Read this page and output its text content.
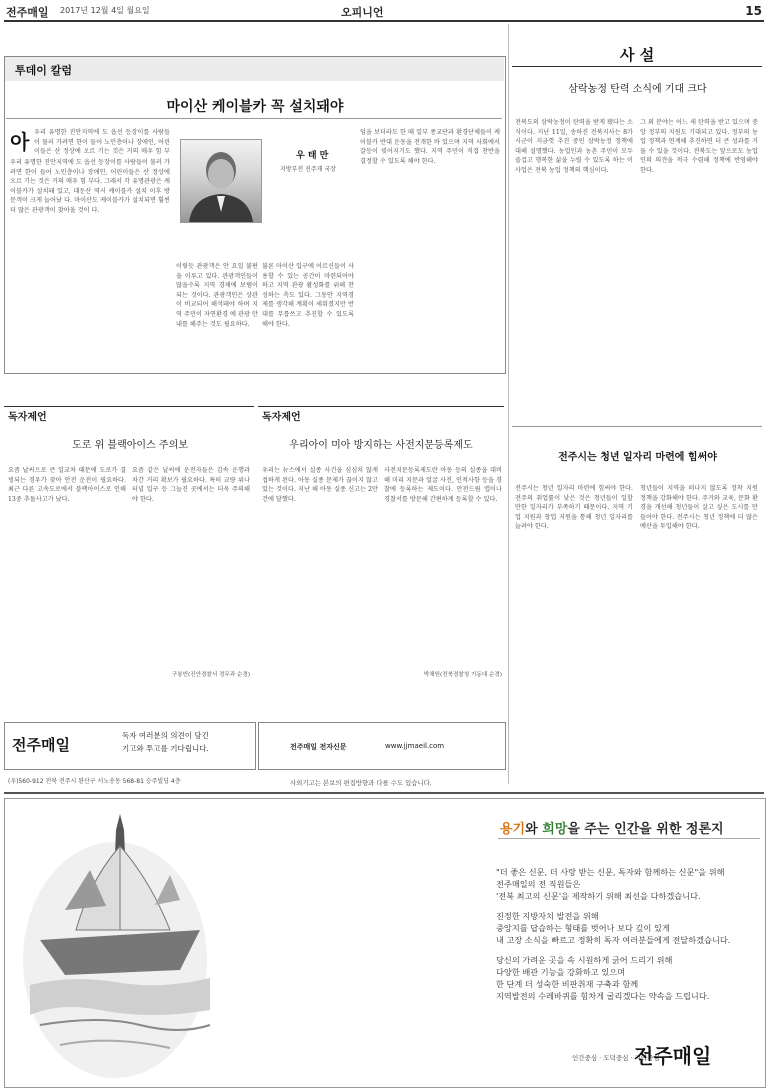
전주매일 2017년 12월 4일 월요일	오피니언	15
투데이 칼럼
마이산 케이블카 꼭 설치돼야
우 태 만
지방부전 진주재 국장
아 우리 유명한 진안지역에 도 읍선 등장이를 사람들이 물러 가려면 한이 들어 노인층이나 장애인, 어린이들은 산 정상에 오르 기는 것은 거의 매우 힘 부
우리 유명한 진안지역에 도 읍선 등장이를 사람들이 물러 가려면 한이 들어 노인층이나 장애인, 어린이들은 산 정상에 오르 기는 것은 거의 매우 힘 부다. 그래서 각 유명관광은 케이블카가 설치돼 있고, 대둔산 역시 케이블카 설치 이후 방문객이 크게 늘어났 다. 마이산도 케이블카가 설치되면 훨씬 더 많은 관광객이 찾아올 것이 다.
이렇듯 관광객은 안 요일 불편을 이루고 있다. 관광객인들이 많을수록 지역 경제에 보탬이 되는 것이다. 관광객인은 상관이 비교되어 해석돼야 하며 지역 주민이 자연환경 에 관광 안내를 해주는 것도 필요하다.
불론 마이산 입구에 어르신들이 사용할 수 있는 공간이 마련되어야 하고 지역 관광 활성화를 위해 찬성하는 측도 있다. 그동안 지역경제를 생각해 계획이 세워졌지만 반대를 무릅쓰고 추진할 수 있도록 해야 한다.
임을 보더라도 한 때 일부 종교단과 환경단체들이 케이블카 반대 운동을 전개한 바 있으며 지역 사회에서 갈등이 빚어지기도 했다. 지역 주민이 직접 찬반을 결정할 수 있도록 해야 한다.
사 설
삼락농정 탄력 소식에 기대 크다
전북도의 삼락농정이 탄력을 받게 됐다는 소식이다. 지난 11일, 송하진 전북지사는 8가 시군이 지금껏 추진 중인 삼락농정 정책에 대해 설명했다. 농업인과 농촌 주민이 모두 즐겁고 행복한 삶을 누릴 수 있도록 하는 이 사업은 전북 농업 정책의 핵심이다.
그 외 분야는 어느 새 탄력을 받고 있으며 중앙 정부의 지원도 기대되고 있다. 정부의 농업 정책과 연계해 추진하면 더 큰 성과를 거둘 수 있을 것이다. 전북도는 앞으로도 농업인의 의견을 적극 수렴해 정책에 반영해야 한다.
전주시는 청년 일자리 마련에 힘써야
전주시는 청년 일자리 마련에 힘써야 한다. 전주의 취업률이 낮은 것은 청년들이 일할 만한 일자리가 부족하기 때문이다. 지역 기업 지원과 창업 지원을 통해 청년 일자리를 늘려야 한다.
청년들이 지역을 떠나지 않도록 정착 지원 정책을 강화해야 한다. 주거와 교육, 문화 환경을 개선해 청년들이 살고 싶은 도시를 만들어야 한다. 전주시는 청년 정책에 더 많은 예산을 투입해야 한다.
독자제언
도로 위 블랙아이스 주의보
요즘 날씨으로 큰 일교차 때문에 도로가 결빙되는 경우가 잦아 안전 운전이 필요하다. 최근 다른 고속도로에서 블랙아이스로 인해 13중 추돌사고가 났다.
요즘 같은 날씨에 운전자들은 감속 운행과 차간 거리 확보가 필요하다. 특히 교량 위나 터널 입구 등 그늘진 곳에서는 더욱 주의해야 한다.
구봉빈(진안경찰서 경무과 순경)
독자제언
우리아이 미아 방지하는 사전지문등록제도
우리는 뉴스에서 실종 사건을 심심치 않게 접하게 된다. 아동 실종 문제가 끊이지 않고 있는 것이다. 지난 해 아동 실종 신고는 2만 건에 달했다.
사전지문등록제도란 아동 등의 실종을 대비해 미리 지문과 얼굴 사진, 인적사항 등을 경찰에 등록하는 제도이다. 안전드림 앱이나 경찰서를 방문해 간편하게 등록할 수 있다.
박채원(전북경찰청 기동대 순경)
전주매일
독자 여러분의 의견이 담긴
기고와 투고를 기다립니다.
(우)560-912 전북 전주시 완산구 서노송동 568-81 승주빌딩 4층
전주매일 전자신문	www.jjmaeil.com
사외기고는 본보의 편집방향과 다를 수도 있습니다.
용기와 희망을 주는 인간을 위한 정론지
"더 좋은 신문, 더 사랑 받는 신문, 독자와 함께하는 신문"을 위해
전주매일의 전 직원들은
'전북 최고의 신문'을 제작하기 위해 최선을 다하겠습니다.
진정한 지방자치 발전을 위해
중앙지를 답습하는 형태를 벗어나 보다 깊이 있게
내 고장 소식을 빠르고 정확히 독자 여러분들에게 전달하겠습니다.
당신의 가려운 곳을 속 시원하게 긁어 드리기 위해
다양한 배관 기능을 강화하고 있으며
한 단계 더 성숙한 비판취재 구축과 함께
지역발전의 수레바퀴를 힘차게 굴리겠다는 약속을 드립니다.
인간중심 · 도덕중심 · 지역중심
전주매일
